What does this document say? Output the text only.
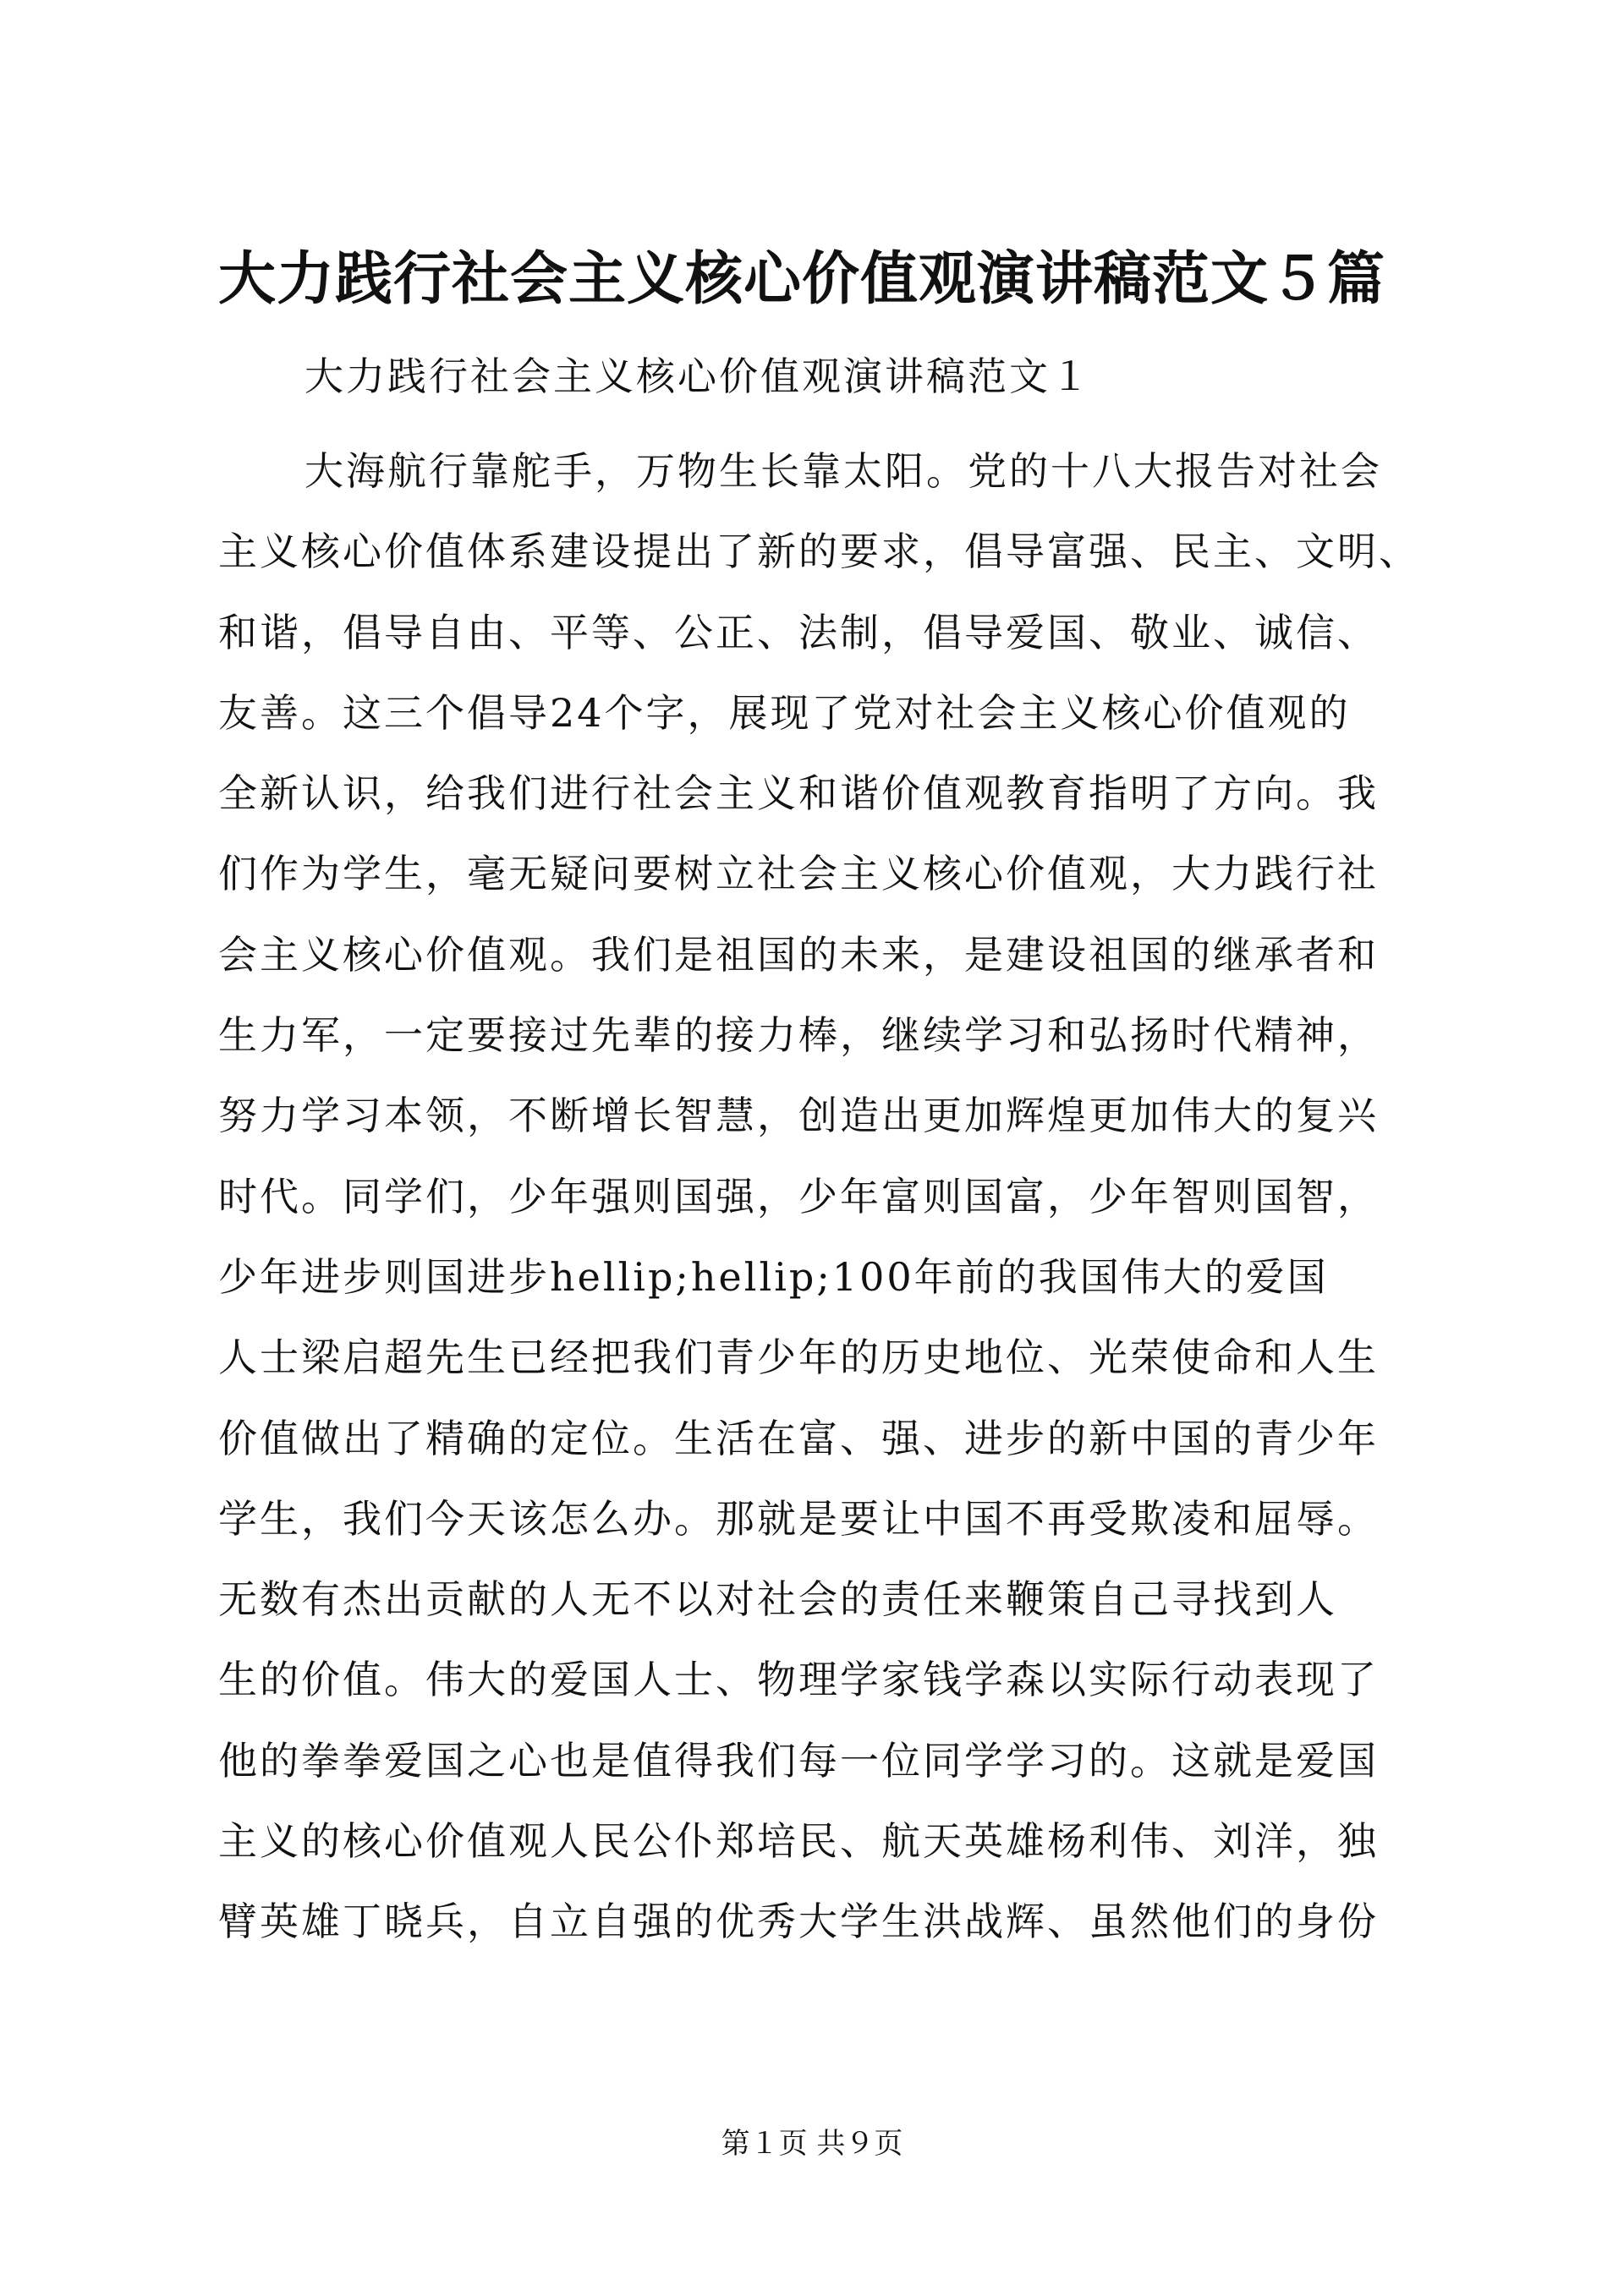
大力践行社会主义核心价值观演讲稿范文５篇

大力践行社会主义核心价值观演讲稿范文１

大海航行靠舵手，万物生长靠太阳。党的十八大报告对社会

主义核心价值体系建设提出了新的要求，倡导富强、民主、文明、

和谐，倡导自由、平等、公正、法制，倡导爱国、敬业、诚信、

友善。这三个倡导24个字，展现了党对社会主义核心价值观的

全新认识，给我们进行社会主义和谐价值观教育指明了方向。我

们作为学生，毫无疑问要树立社会主义核心价值观，大力践行社

会主义核心价值观。我们是祖国的未来，是建设祖国的继承者和

生力军，一定要接过先辈的接力棒，继续学习和弘扬时代精神，

努力学习本领，不断增长智慧，创造出更加辉煌更加伟大的复兴

时代。同学们，少年强则国强，少年富则国富，少年智则国智，

少年进步则国进步hellip;hellip;100年前的我国伟大的爱国

人士梁启超先生已经把我们青少年的历史地位、光荣使命和人生

价值做出了精确的定位。生活在富、强、进步的新中国的青少年

学生，我们今天该怎么办。那就是要让中国不再受欺凌和屈辱。

无数有杰出贡献的人无不以对社会的责任来鞭策自己寻找到人

生的价值。伟大的爱国人士、物理学家钱学森以实际行动表现了

他的拳拳爱国之心也是值得我们每一位同学学习的。这就是爱国

主义的核心价值观人民公仆郑培民、航天英雄杨利伟、刘洋，独

臂英雄丁晓兵，自立自强的优秀大学生洪战辉、虽然他们的身份

第１页 共９页
